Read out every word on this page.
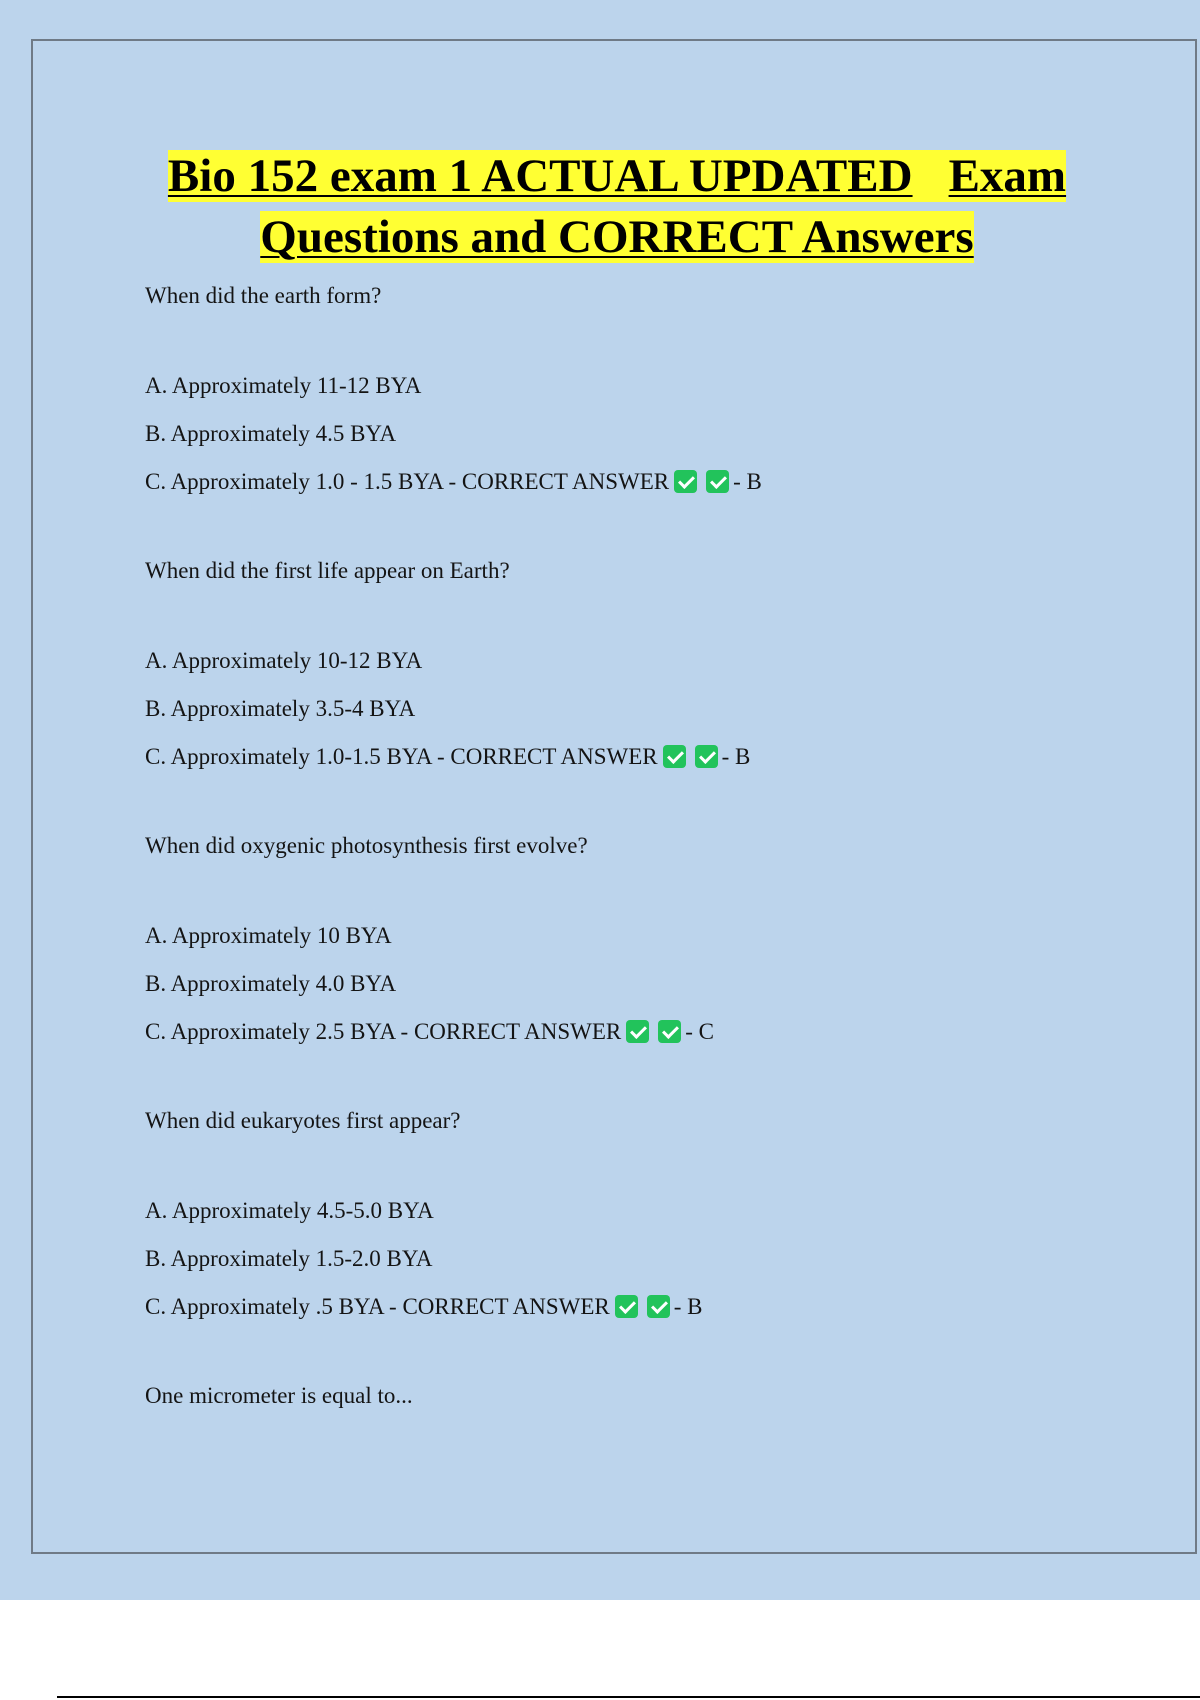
Bio 152 exam 1 ACTUAL UPDATED Exam
Questions and CORRECT Answers

When did the earth form?

A. Approximately 11-12 BYA

B. Approximately 4.5 BYA

C. Approximately 1.0 - 1.5 BYA - CORRECT ANSWER	- B

When did the first life appear on Earth?

A. Approximately 10-12 BYA

B. Approximately 3.5-4 BYA

C. Approximately 1.0-1.5 BYA - CORRECT ANSWER	- B

When did oxygenic photosynthesis first evolve?

A. Approximately 10 BYA

B. Approximately 4.0 BYA

C. Approximately 2.5 BYA - CORRECT ANSWER	- C

When did eukaryotes first appear?

A. Approximately 4.5-5.0 BYA

B. Approximately 1.5-2.0 BYA

C. Approximately .5 BYA - CORRECT ANSWER	- B

One micrometer is equal to...
